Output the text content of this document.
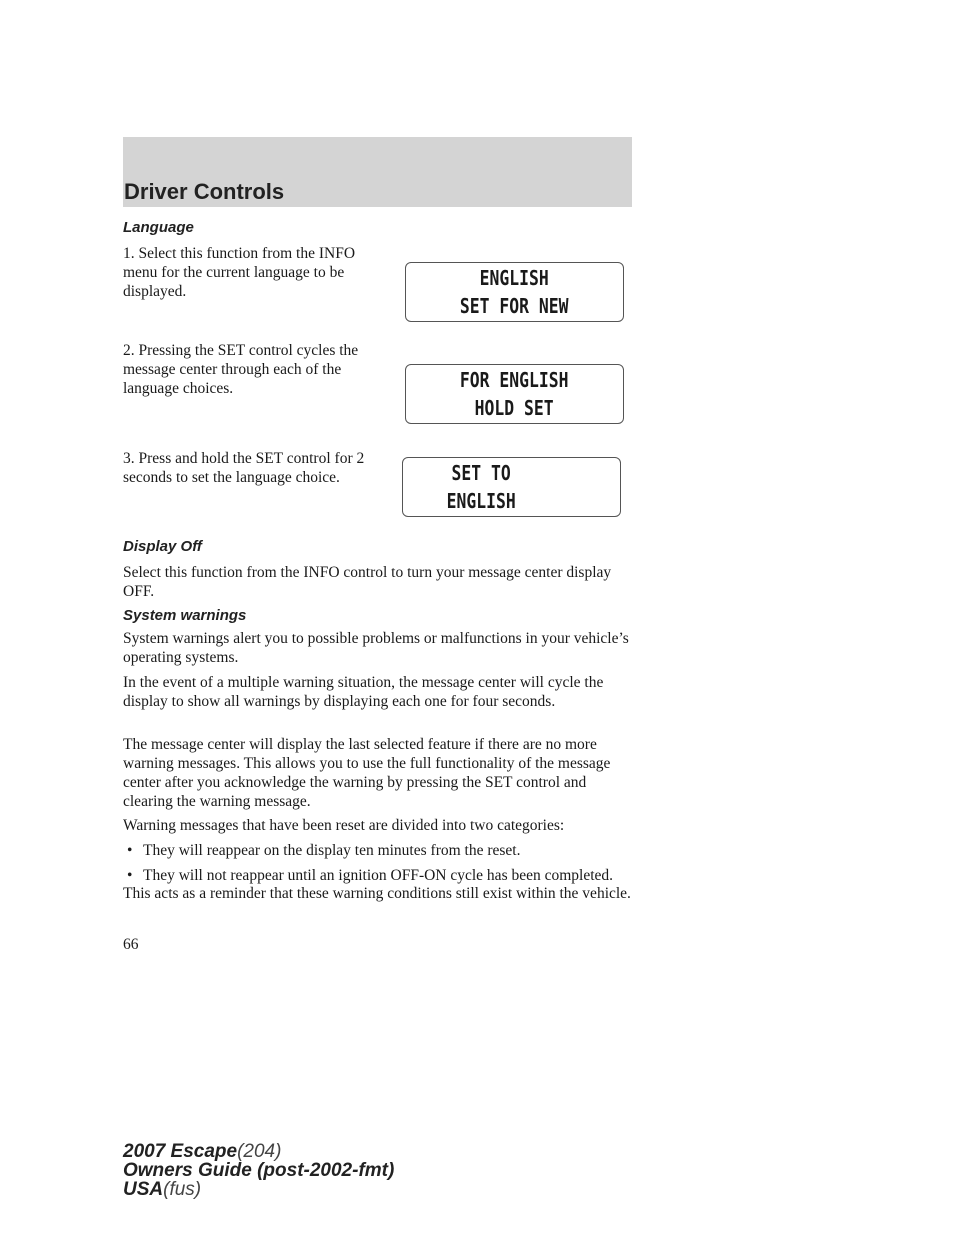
Driver Controls
Language

1. Select this function from the INFO menu for the current language to be displayed.

ENGLISH
SET FOR NEW

2. Pressing the SET control cycles the message center through each of the language choices.	FOR ENGLISH
HOLD SET

3. Press and hold the SET control for 2 seconds to set the language choice.	SET TO
ENGLISH
Display Off

Select this function from the INFO control to turn your message center display OFF.

System warnings

System warnings alert you to possible problems or malfunctions in your vehicle’s operating systems.

In the event of a multiple warning situation, the message center will cycle the display to show all warnings by displaying each one for four seconds.

The message center will display the last selected feature if there are no more warning messages. This allows you to use the full functionality of the message center after you acknowledge the warning by pressing the SET control and clearing the warning message.

Warning messages that have been reset are divided into two categories:

• They will reappear on the display ten minutes from the reset.
• They will not reappear until an ignition OFF-ON cycle has been completed.

This acts as a reminder that these warning conditions still exist within the vehicle.

66
2007 Escape(204)
Owners Guide (post-2002-fmt)
USA(fus)
